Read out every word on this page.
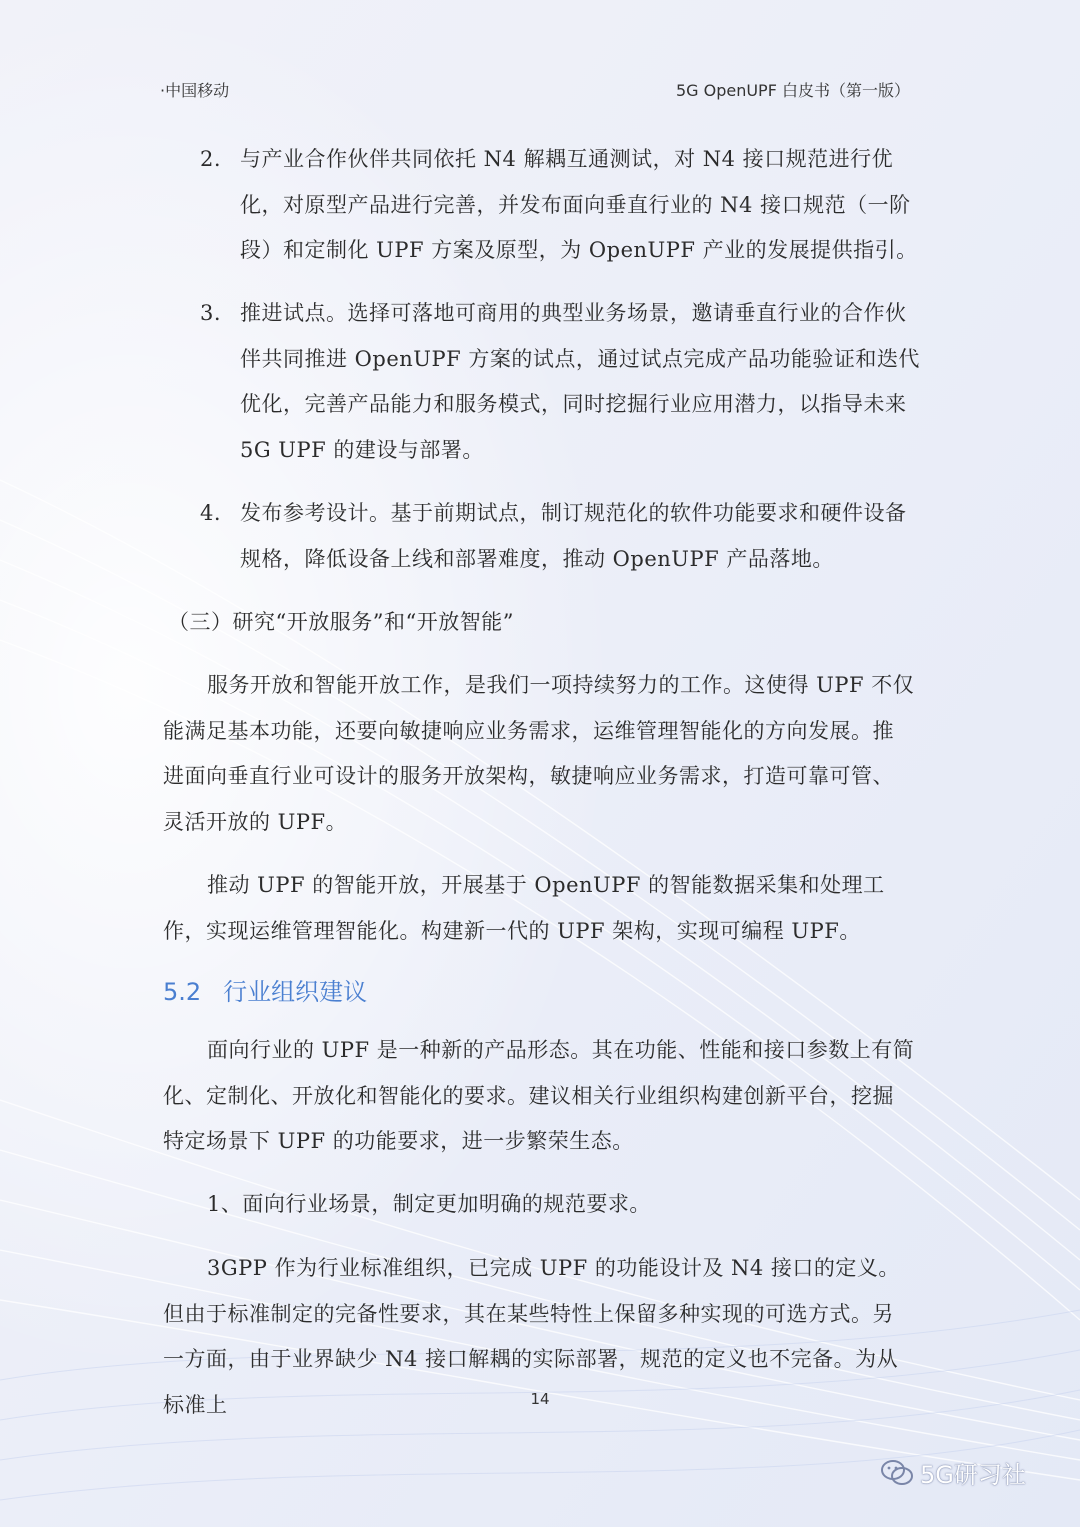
·中国移动	5G OpenUPF 白皮书（第一版）
2. 与产业合作伙伴共同依托 N4 解耦互通测试，对 N4 接口规范进行优化，对原型产品进行完善，并发布面向垂直行业的 N4 接口规范（一阶段）和定制化 UPF 方案及原型，为 OpenUPF 产业的发展提供指引。
3. 推进试点。选择可落地可商用的典型业务场景，邀请垂直行业的合作伙伴共同推进 OpenUPF 方案的试点，通过试点完成产品功能验证和迭代优化，完善产品能力和服务模式，同时挖掘行业应用潜力，以指导未来 5G UPF 的建设与部署。
4. 发布参考设计。基于前期试点，制订规范化的软件功能要求和硬件设备规格，降低设备上线和部署难度，推动 OpenUPF 产品落地。
（三）研究“开放服务”和“开放智能”
服务开放和智能开放工作，是我们一项持续努力的工作。这使得 UPF 不仅能满足基本功能，还要向敏捷响应业务需求，运维管理智能化的方向发展。推进面向垂直行业可设计的服务开放架构，敏捷响应业务需求，打造可靠可管、灵活开放的 UPF。
推动 UPF 的智能开放，开展基于 OpenUPF 的智能数据采集和处理工作，实现运维管理智能化。构建新一代的 UPF 架构，实现可编程 UPF。
5.2 行业组织建议
面向行业的 UPF 是一种新的产品形态。其在功能、性能和接口参数上有简化、定制化、开放化和智能化的要求。建议相关行业组织构建创新平台，挖掘特定场景下 UPF 的功能要求，进一步繁荣生态。
1、面向行业场景，制定更加明确的规范要求。
3GPP 作为行业标准组织，已完成 UPF 的功能设计及 N4 接口的定义。但由于标准制定的完备性要求，其在某些特性上保留多种实现的可选方式。另一方面，由于业界缺少 N4 接口解耦的实际部署，规范的定义也不完备。为从标准上	14
5G研习社
